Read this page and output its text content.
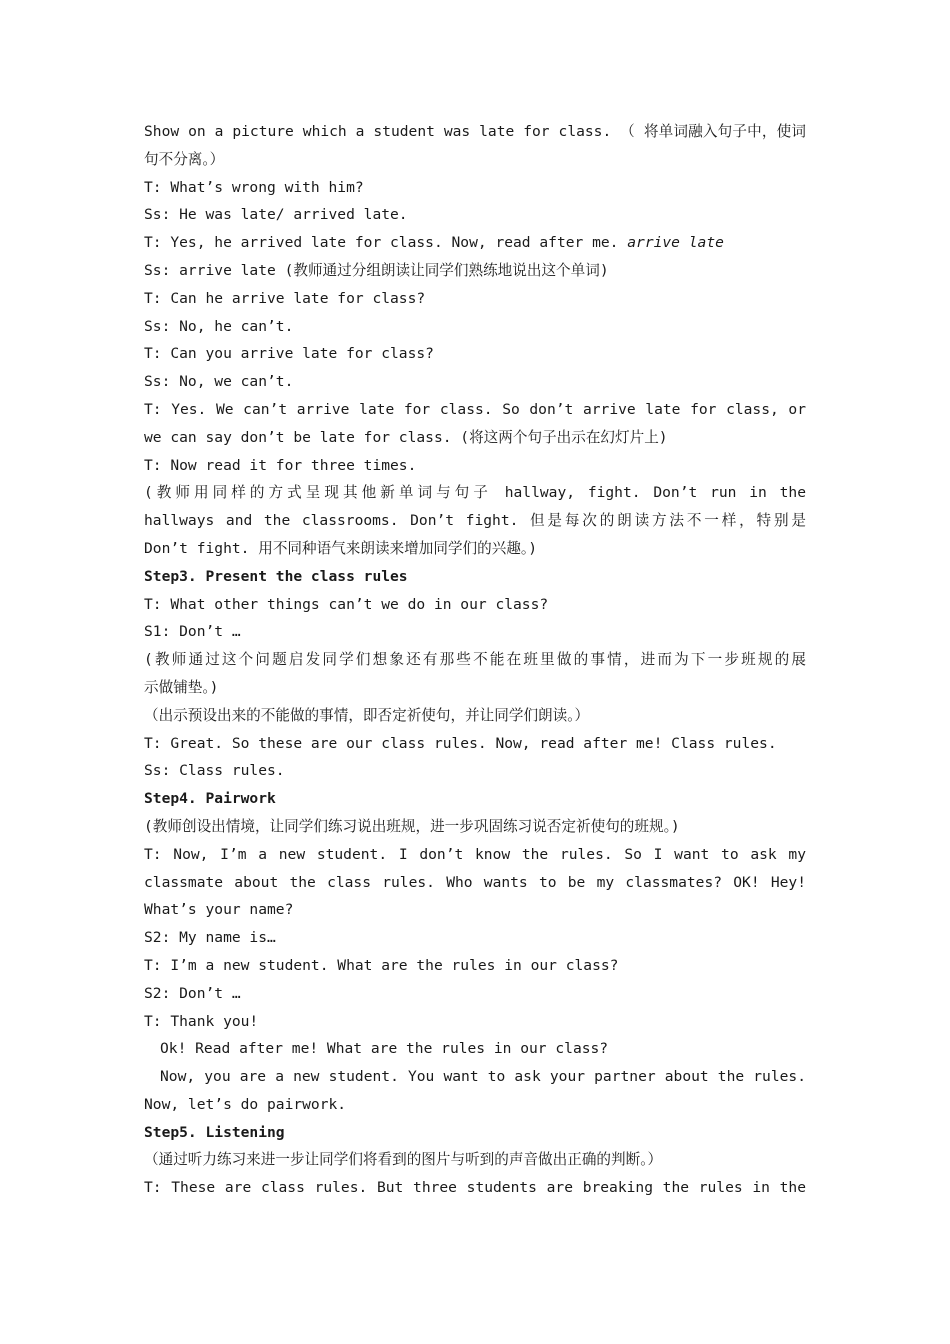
Show on a picture which a student was late for class. （ 将单词融入句子中，使词
句不分离。）
T: What’s wrong with him?
Ss: He was late/ arrived late.
T: Yes, he arrived late for class. Now, read after me. arrive late
Ss: arrive late (教师通过分组朗读让同学们熟练地说出这个单词)
T: Can he arrive late for class?
Ss: No, he can’t.
T: Can you arrive late for class?
Ss: No, we can’t.
T: Yes. We can’t arrive late for class. So don’t arrive late for class, or
we can say don’t be late for class. (将这两个句子出示在幻灯片上)
T: Now read it for three times.
(教师用同样的方式呈现其他新单词与句子 hallway, fight. Don’t run in the
hallways and the classrooms. Don’t fight. 但是每次的朗读方法不一样，特别是
Don’t fight. 用不同种语气来朗读来增加同学们的兴趣。)
Step3. Present the class rules
T: What other things can’t we do in our class?
S1: Don’t …
(教师通过这个问题启发同学们想象还有那些不能在班里做的事情，进而为下一步班规的展
示做铺垫。)
（出示预设出来的不能做的事情，即否定祈使句，并让同学们朗读。）
T: Great. So these are our class rules. Now, read after me! Class rules.
Ss: Class rules.
Step4. Pairwork
(教师创设出情境，让同学们练习说出班规，进一步巩固练习说否定祈使句的班规。)
T: Now, I’m a new student. I don’t know the rules. So I want to ask my
classmate about the class rules. Who wants to be my classmates? OK! Hey!
What’s your name?
S2: My name is…
T: I’m a new student. What are the rules in our class?
S2: Don’t …
T: Thank you!
Ok! Read after me! What are the rules in our class?
Now, you are a new student. You want to ask your partner about the rules.
Now, let’s do pairwork.
Step5. Listening
（通过听力练习来进一步让同学们将看到的图片与听到的声音做出正确的判断。）
T: These are class rules. But three students are breaking the rules in the
